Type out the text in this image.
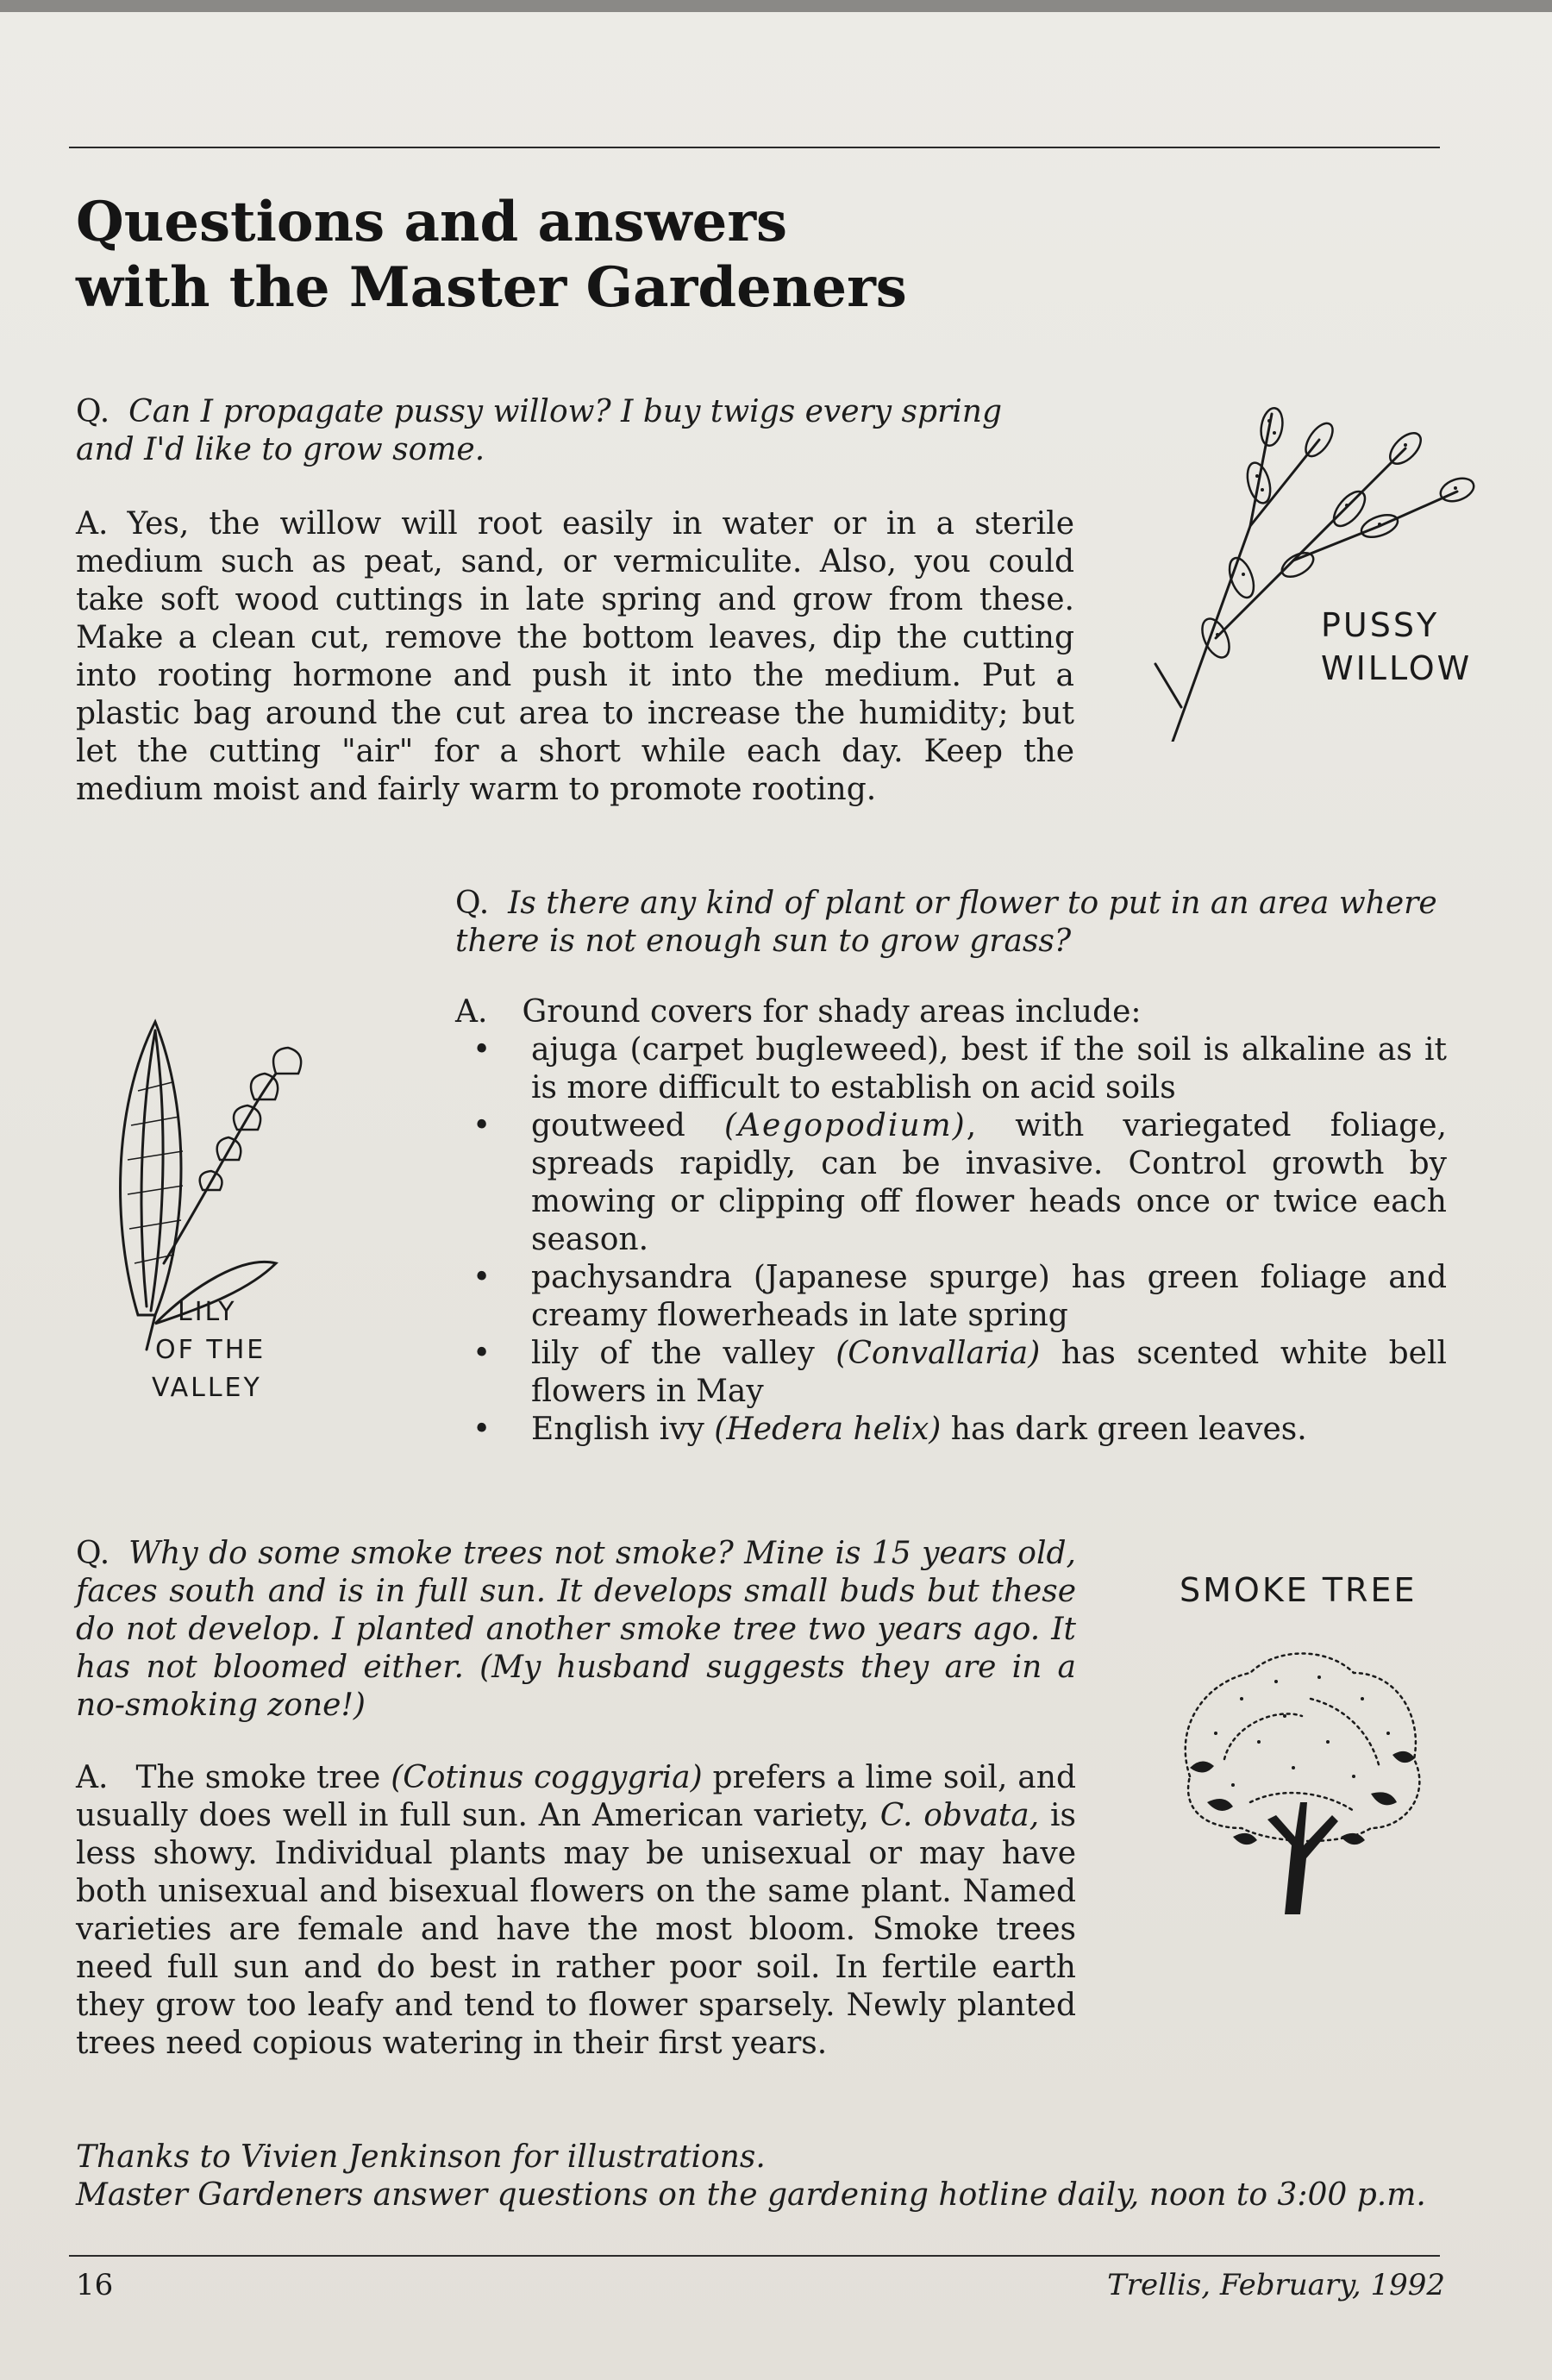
Questions and answers
with the Master Gardeners

Q. Can I propagate pussy willow? I buy twigs every spring and I'd like to grow some.

A. Yes, the willow will root easily in water or in a sterile medium such as peat, sand, or vermiculite. Also, you could take soft wood cuttings in late spring and grow from these. Make a clean cut, remove the bottom leaves, dip the cutting into rooting hormone and push it into the medium. Put a plastic bag around the cut area to increase the humidity; but let the cutting "air" for a short while each day. Keep the medium moist and fairly warm to promote rooting.

PUSSY
WILLOW

Q. Is there any kind of plant or flower to put in an area where there is not enough sun to grow grass?

A. Ground covers for shady areas include:
• ajuga (carpet bugleweed), best if the soil is alkaline as it is more difficult to establish on acid soils
• goutweed (Aegopodium), with variegated foliage, spreads rapidly, can be invasive. Control growth by mowing or clipping off flower heads once or twice each season.
• pachysandra (Japanese spurge) has green foliage and creamy flowerheads in late spring
• lily of the valley (Convallaria) has scented white bell flowers in May
• English ivy (Hedera helix) has dark green leaves.

LILY
OF THE
VALLEY

Q. Why do some smoke trees not smoke? Mine is 15 years old, faces south and is in full sun. It develops small buds but these do not develop. I planted another smoke tree two years ago. It has not bloomed either. (My husband suggests they are in a no-smoking zone!)

SMOKE TREE

A. The smoke tree (Cotinus coggygria) prefers a lime soil, and usually does well in full sun. An American variety, C. obvata, is less showy. Individual plants may be unisexual or may have both unisexual and bisexual flowers on the same plant. Named varieties are female and have the most bloom. Smoke trees need full sun and do best in rather poor soil. In fertile earth they grow too leafy and tend to flower sparsely. Newly planted trees need copious watering in their first years.

Thanks to Vivien Jenkinson for illustrations.

Master Gardeners answer questions on the gardening hotline daily, noon to 3:00 p.m.

16	Trellis, February, 1992
